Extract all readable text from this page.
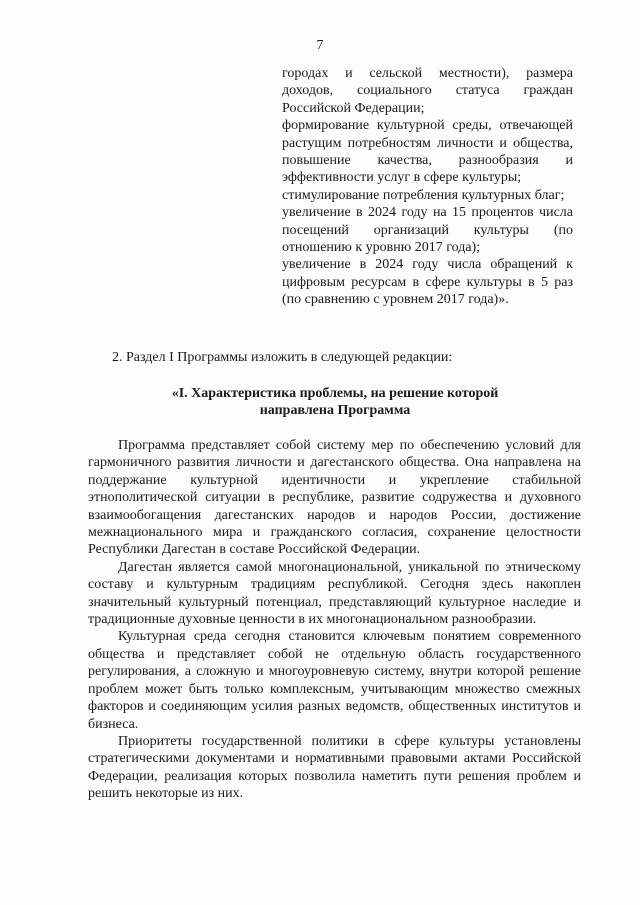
7

городах и сельской местности), размера доходов, социального статуса граждан Российской Федерации;

формирование культурной среды, отвечающей растущим потребностям личности и общества, повышение качества, разнообразия и эффективности услуг в сфере культуры;

стимулирование потребления культурных благ;

увеличение в 2024 году на 15 процентов числа посещений организаций культуры (по отношению к уровню 2017 года);

увеличение в 2024 году числа обращений к цифровым ресурсам в сфере культуры в 5 раз (по сравнению с уровнем 2017 года)».

2. Раздел I Программы изложить в следующей редакции:
«I. Характеристика проблемы, на решение которой
направлена Программа

Программа представляет собой систему мер по обеспечению условий для гармоничного развития личности и дагестанского общества. Она направлена на поддержание культурной идентичности и укрепление стабильной этнополитической ситуации в республике, развитие содружества и духовного взаимообогащения дагестанских народов и народов России, достижение межнационального мира и гражданского согласия, сохранение целостности Республики Дагестан в составе Российской Федерации.

Дагестан является самой многонациональной, уникальной по этническому составу и культурным традициям республикой. Сегодня здесь накоплен значительный культурный потенциал, представляющий культурное наследие и традиционные духовные ценности в их многонациональном разнообразии.

Культурная среда сегодня становится ключевым понятием современного общества и представляет собой не отдельную область государственного регулирования, а сложную и многоуровневую систему, внутри которой решение проблем может быть только комплексным, учитывающим множество смежных факторов и соединяющим усилия разных ведомств, общественных институтов и бизнеса.

Приоритеты государственной политики в сфере культуры установлены стратегическими документами и нормативными правовыми актами Российской Федерации, реализация которых позволила наметить пути решения проблем и решить некоторые из них.
